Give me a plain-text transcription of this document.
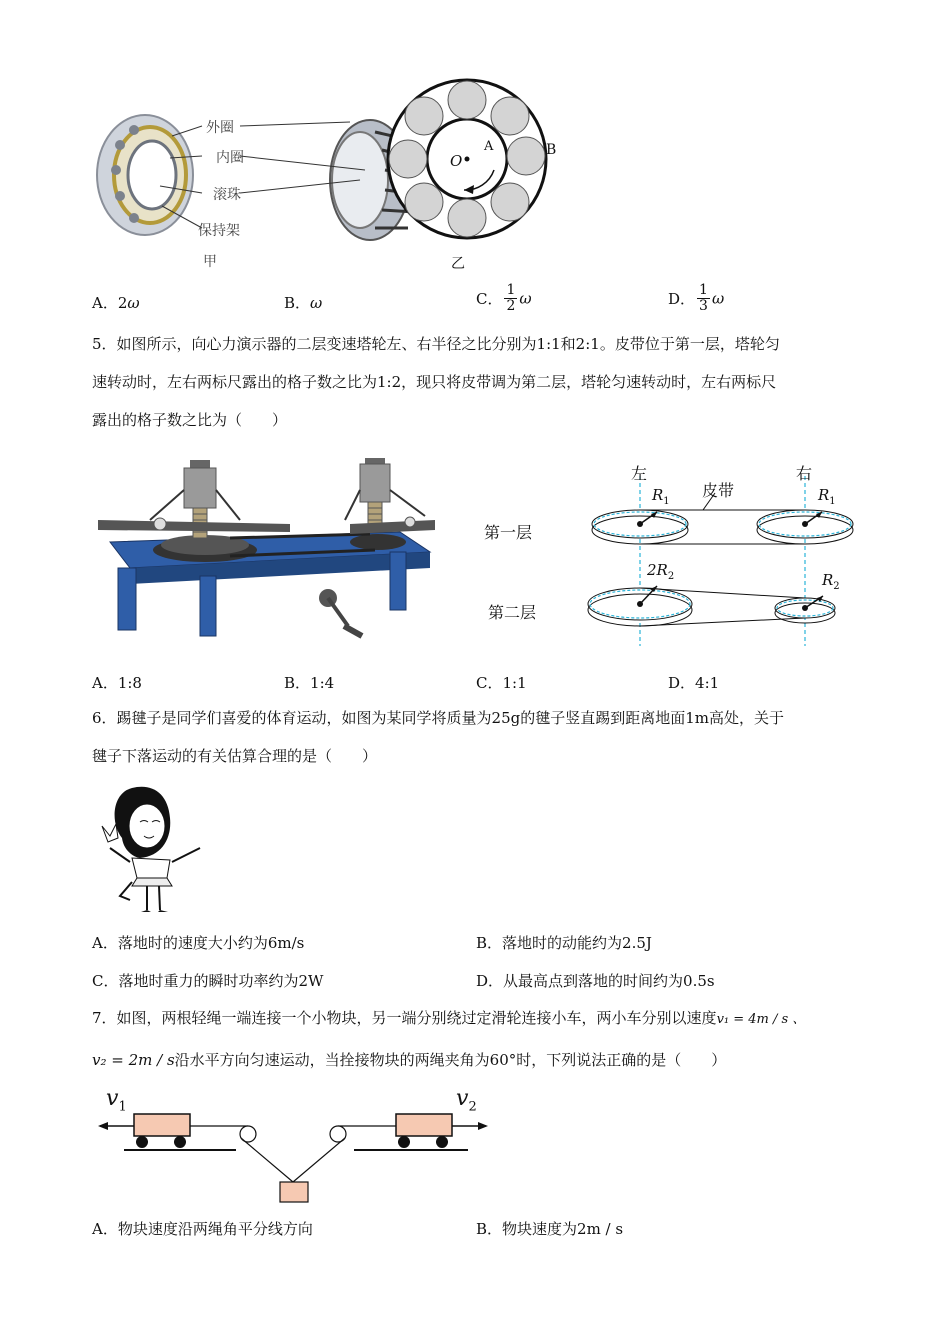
外圈
内圈
滚珠
保持架
甲
O
A	B
乙
A．2ω	B．ω	C． $\frac{1}{2}$ ω	D． $\frac{1}{3}$ ω
5．如图所示，向心力演示器的二层变速塔轮左、右半径之比分别为1:1和2:1。皮带位于第一层，塔轮匀
速转动时，左右两标尺露出的格子数之比为1:2，现只将皮带调为第二层，塔轮匀速转动时，左右两标尺
露出的格子数之比为（　　）
左	右
皮带
第一层
第二层
$R_1$	$R_1$
$2R_2$	$R_2$
A．1:8	B．1:4	C．1:1	D．4:1
6．踢毽子是同学们喜爱的体育运动，如图为某同学将质量为25g的毽子竖直踢到距离地面1m高处，关于
毽子下落运动的有关估算合理的是（　　）
A．落地时的速度大小约为6m/s	B．落地时的动能约为2.5J
C．落地时重力的瞬时功率约为2W	D．从最高点到落地的时间约为0.5s
7．如图，两根轻绳一端连接一个小物块，另一端分别绕过定滑轮连接小车，两小车分别以速度v₁ = 4m / s 、
v₂ = 2m / s沿水平方向匀速运动，当拴接物块的两绳夹角为60°时，下列说法正确的是（　　）
$v_1$	$v_2$
A．物块速度沿两绳角平分线方向	B．物块速度为2m / s
